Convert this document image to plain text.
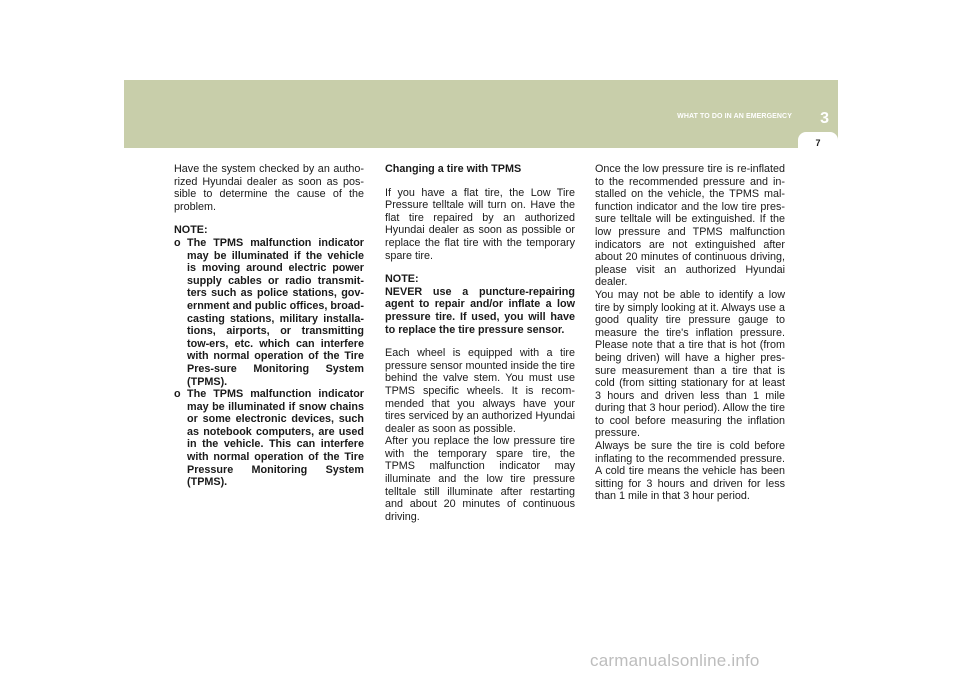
WHAT TO DO IN AN EMERGENCY 3
7

Have the system checked by an autho-rized Hyundai dealer as soon as pos-sible to determine the cause of the problem.

NOTE:

o The TPMS malfunction indicator may be illuminated if the vehicle is moving around electric power supply cables or radio transmit-ters such as police stations, gov-ernment and public offices, broad-casting stations, military installa-tions, airports, or transmitting tow-ers, etc. which can interfere with normal operation of the Tire Pres-sure Monitoring System (TPMS).
o The TPMS malfunction indicator may be illuminated if snow chains or some electronic devices, such as notebook computers, are used in the vehicle. This can interfere with normal operation of the Tire Pressure Monitoring System (TPMS).

Changing a tire with TPMS

If you have a flat tire, the Low Tire Pressure telltale will turn on. Have the flat tire repaired by an authorized Hyundai dealer as soon as possible or replace the flat tire with the temporary spare tire.

NOTE:

NEVER use a puncture-repairing agent to repair and/or inflate a low pressure tire. If used, you will have to replace the tire pressure sensor.

Each wheel is equipped with a tire pressure sensor mounted inside the tire behind the valve stem. You must use TPMS specific wheels. It is recom-mended that you always have your tires serviced by an authorized Hyundai dealer as soon as possible.

After you replace the low pressure tire with the temporary spare tire, the TPMS malfunction indicator may illuminate and the low tire pressure telltale still illuminate after restarting and about 20 minutes of continuous driving.

Once the low pressure tire is re-inflated to the recommended pressure and in-stalled on the vehicle, the TPMS mal-function indicator and the low tire pres-sure telltale will be extinguished. If the low pressure and TPMS malfunction indicators are not extinguished after about 20 minutes of continuous driving, please visit an authorized Hyundai dealer.

You may not be able to identify a low tire by simply looking at it. Always use a good quality tire pressure gauge to measure the tire's inflation pressure. Please note that a tire that is hot (from being driven) will have a higher pres-sure measurement than a tire that is cold (from sitting stationary for at least 3 hours and driven less than 1 mile during that 3 hour period). Allow the tire to cool before measuring the inflation pressure.

Always be sure the tire is cold before inflating to the recommended pressure. A cold tire means the vehicle has been sitting for 3 hours and driven for less than 1 mile in that 3 hour period.

carmanualsonline.info
